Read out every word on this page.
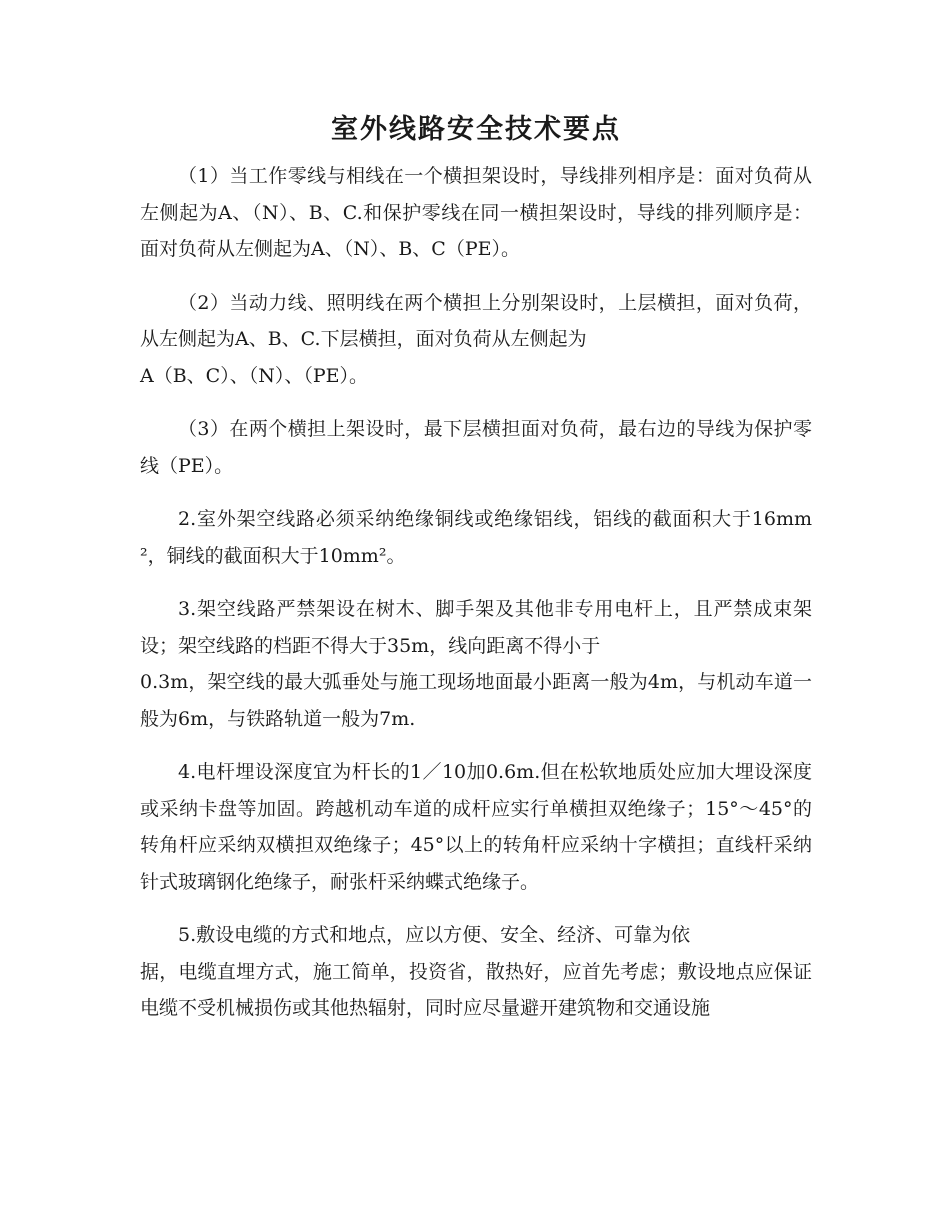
室外线路安全技术要点

（1）当工作零线与相线在一个横担架设时，导线排列相序是：面对负荷从左侧起为A、（N）、B、C.和保护零线在同一横担架设时，导线的排列顺序是：面对负荷从左侧起为A、（N）、B、C（PE）。

（2）当动力线、照明线在两个横担上分别架设时，上层横担，面对负荷，从左侧起为A、B、C.下层横担，面对负荷从左侧起为
A（B、C）、（N）、（PE）。

（3）在两个横担上架设时，最下层横担面对负荷，最右边的导线为保护零线（PE）。

2.室外架空线路必须采纳绝缘铜线或绝缘铝线，铝线的截面积大于16mm²，铜线的截面积大于10mm²。

3.架空线路严禁架设在树木、脚手架及其他非专用电杆上，且严禁成束架设；架空线路的档距不得大于35m，线向距离不得小于
0.3m，架空线的最大弧垂处与施工现场地面最小距离一般为4m，与机动车道一般为6m，与铁路轨道一般为7m.

4.电杆埋设深度宜为杆长的1／10加0.6m.但在松软地质处应加大埋设深度或采纳卡盘等加固。跨越机动车道的成杆应实行单横担双绝缘子；15°～45°的转角杆应采纳双横担双绝缘子；45°以上的转角杆应采纳十字横担；直线杆采纳针式玻璃钢化绝缘子，耐张杆采纳蝶式绝缘子。

5.敷设电缆的方式和地点，应以方便、安全、经济、可靠为依
据，电缆直埋方式，施工简单，投资省，散热好，应首先考虑；敷设地点应保证电缆不受机械损伤或其他热辐射，同时应尽量避开建筑物和交通设施
